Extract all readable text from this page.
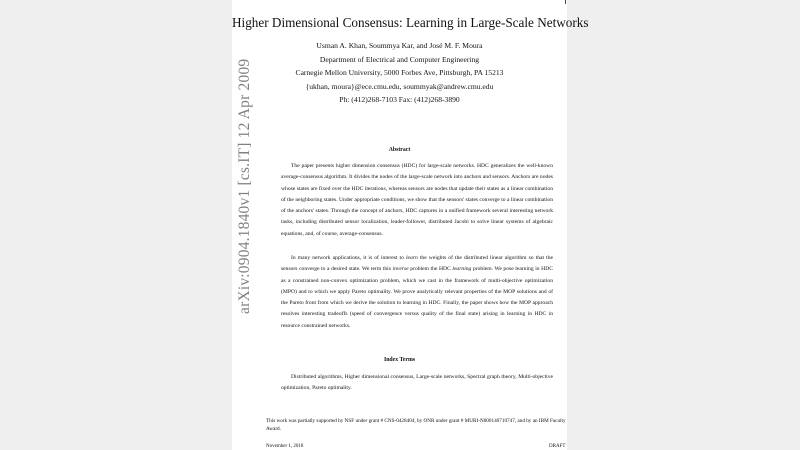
arXiv:0904.1840v1 [cs.IT] 12 Apr 2009
Higher Dimensional Consensus: Learning in Large-Scale Networks
Usman A. Khan, Soummya Kar, and José M. F. Moura
Department of Electrical and Computer Engineering
Carnegie Mellon University, 5000 Forbes Ave, Pittsburgh, PA 15213
{ukhan, moura}@ece.cmu.edu, soummyak@andrew.cmu.edu
Ph: (412)268-7103 Fax: (412)268-3890
Abstract

The paper presents higher dimension consensus (HDC) for large-scale networks. HDC generalizes the well-known average-consensus algorithm. It divides the nodes of the large-scale network into anchors and sensors. Anchors are nodes whose states are fixed over the HDC iterations, whereas sensors are nodes that update their states as a linear combination of the neighboring states. Under appropriate conditions, we show that the sensors' states converge to a linear combination of the anchors' states. Through the concept of anchors, HDC captures in a unified framework several interesting network tasks, including distributed sensor localization, leader-follower, distributed Jacobi to solve linear systems of algebraic equations, and, of course, average-consensus.

In many network applications, it is of interest to learn the weights of the distributed linear algorithm so that the sensors converge to a desired state. We term this inverse problem the HDC learning problem. We pose learning in HDC as a constrained non-convex optimization problem, which we cast in the framework of multi-objective optimization (MPO) and to which we apply Pareto optimality. We prove analytically relevant properties of the MOP solutions and of the Pareto front from which we derive the solution to learning in HDC. Finally, the paper shows how the MOP approach resolves interesting tradeoffs (speed of convergence versus quality of the final state) arising in learning in HDC in resource constrained networks.

Index Terms

Distributed algorithms, Higher dimensional consensus, Large-scale networks, Spectral graph theory, Multi-objective optimization, Pareto optimality.

This work was partially supported by NSF under grant # CNS-0428404, by ONR under grant # MURI-N000140710747, and by an IBM Faculty Award.
November 1, 2018	DRAFT
